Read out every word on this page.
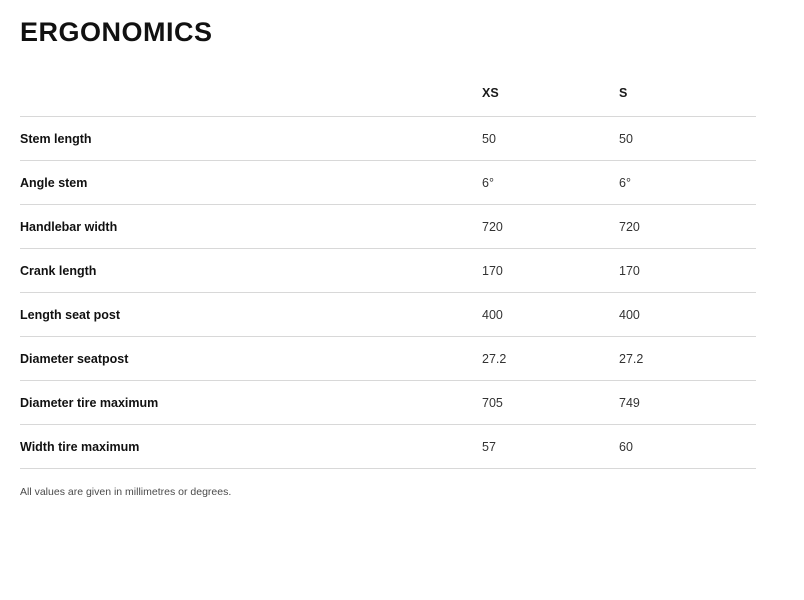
ERGONOMICS
	XS	S
Stem length	50	50
Angle stem	6°	6°
Handlebar width	720	720
Crank length	170	170
Length seat post	400	400
Diameter seatpost	27.2	27.2
Diameter tire maximum	705	749
Width tire maximum	57	60
All values are given in millimetres or degrees.
